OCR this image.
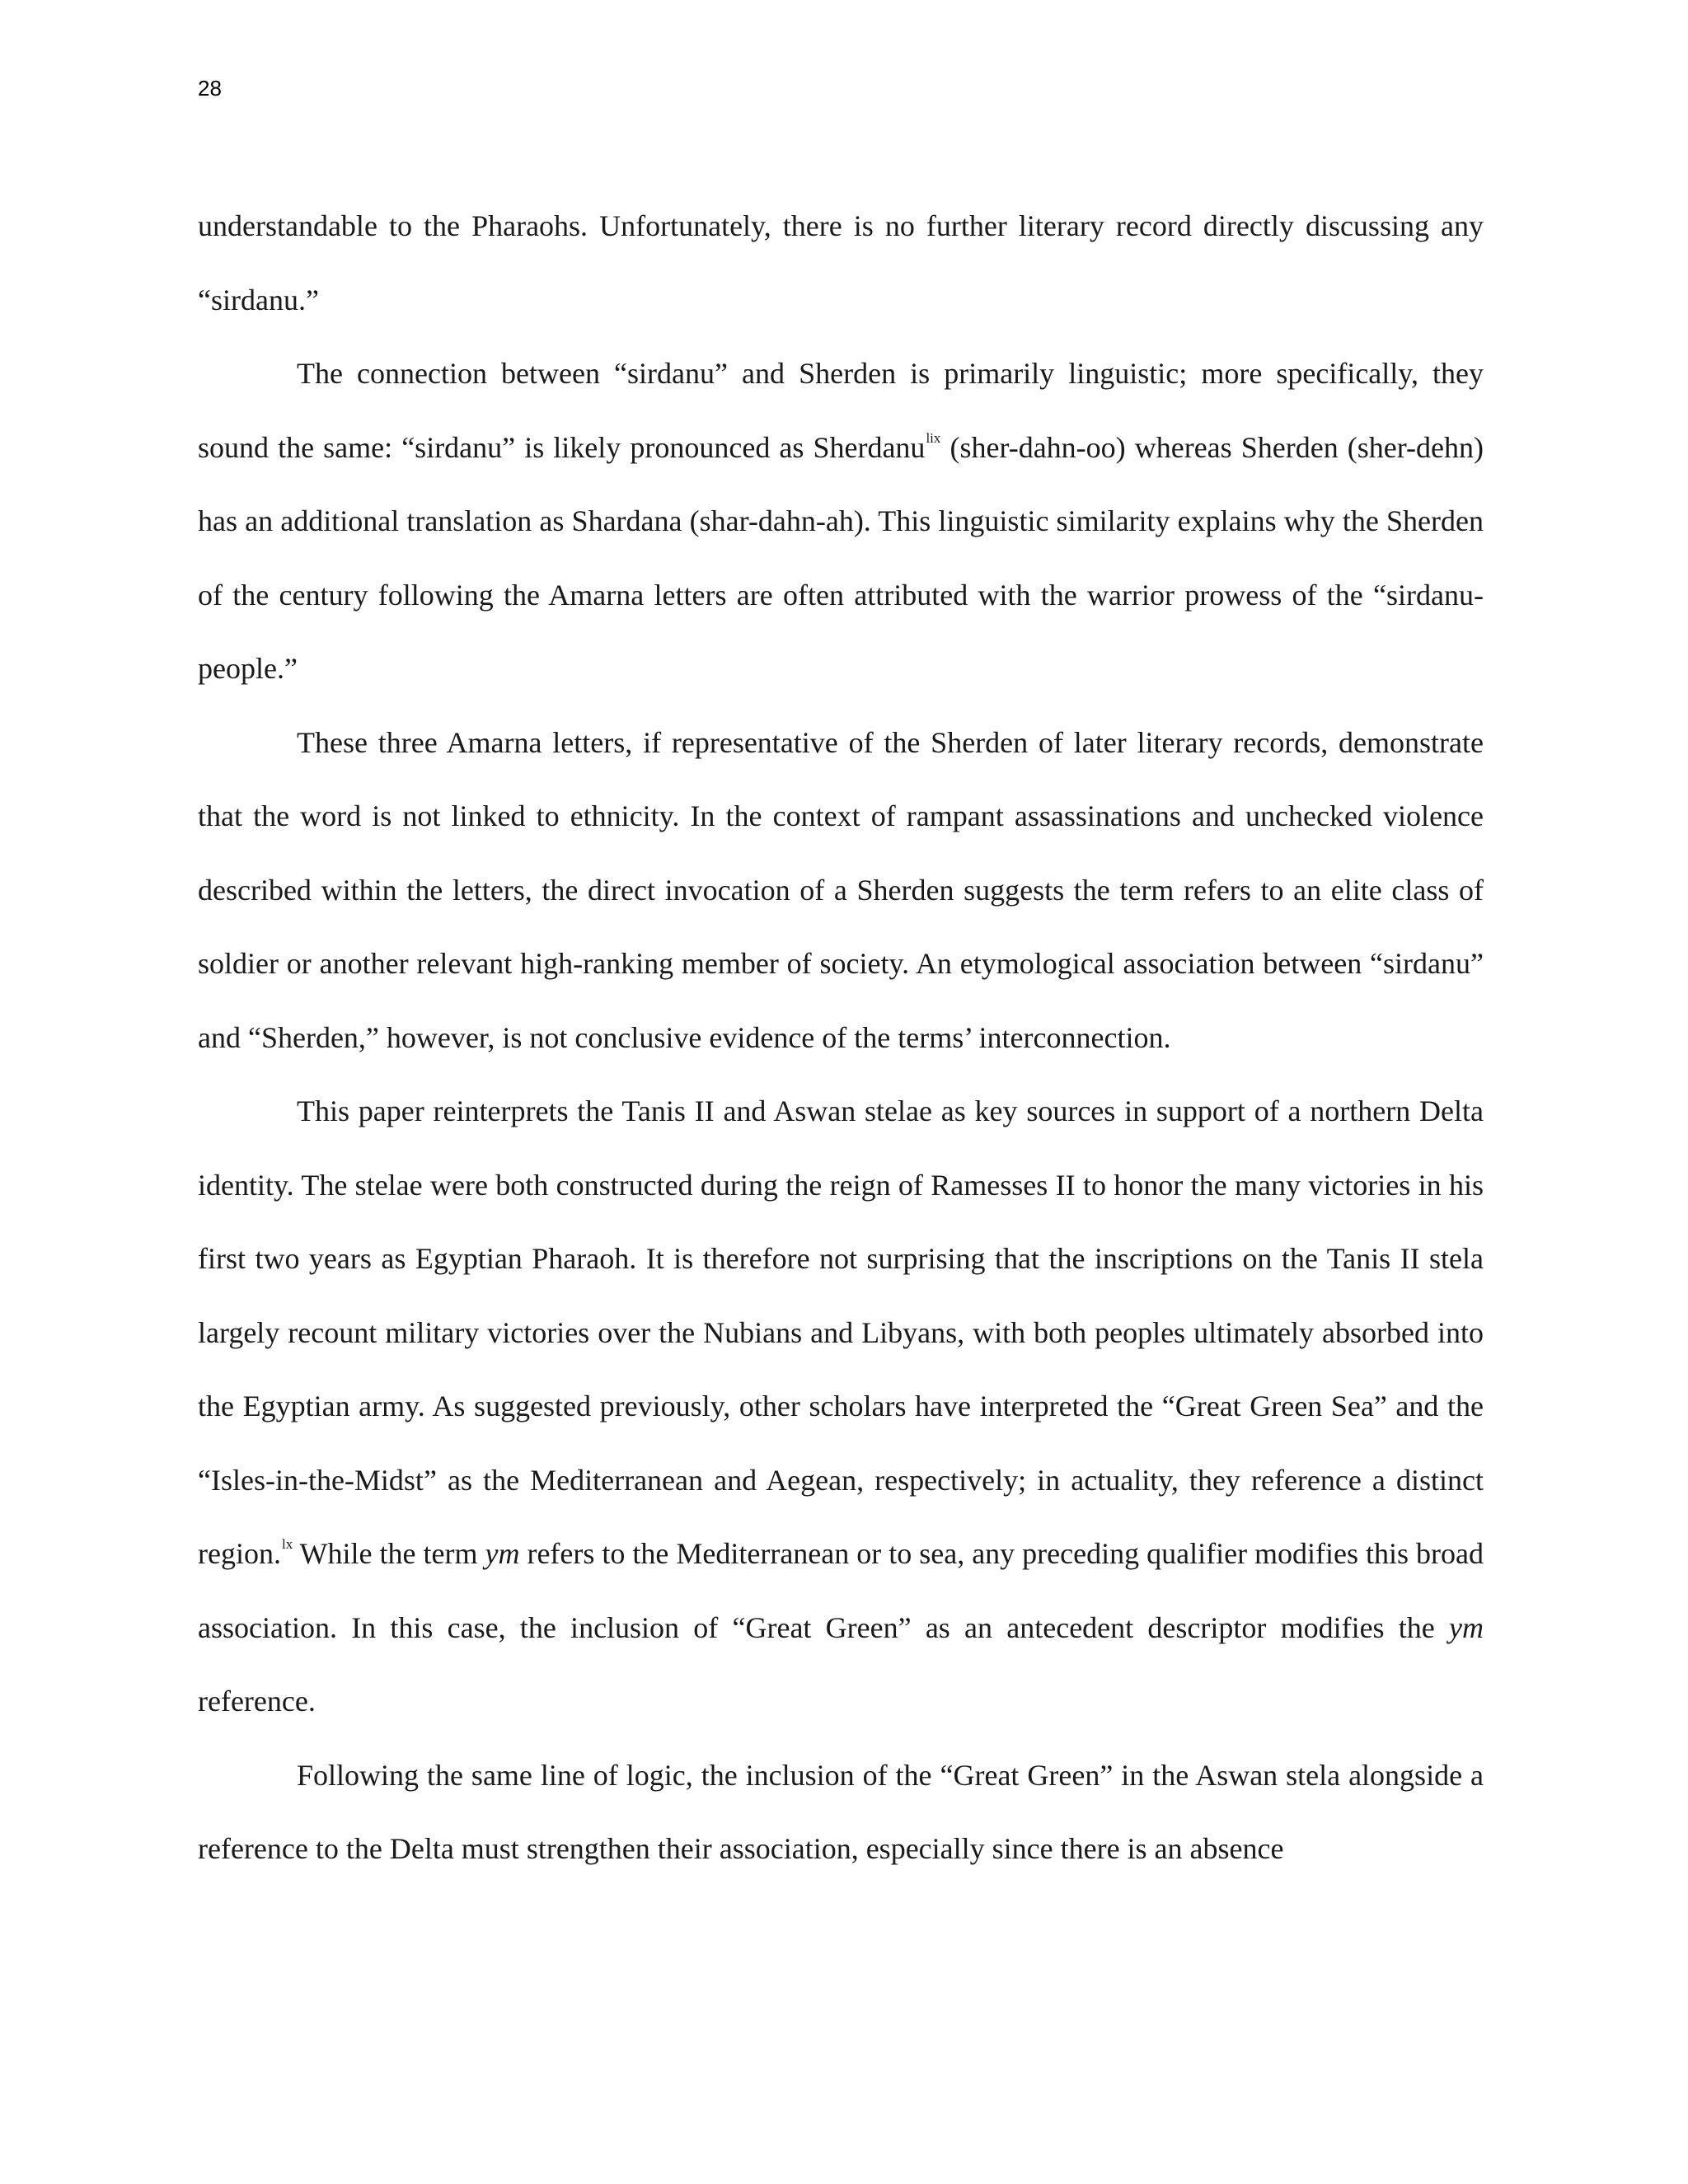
28

understandable to the Pharaohs. Unfortunately, there is no further literary record directly discussing any “sirdanu.”

The connection between “sirdanu” and Sherden is primarily linguistic; more specifically, they sound the same: “sirdanu” is likely pronounced as Sherdanu$^{lix}$ (sher-dahn-oo) whereas Sherden (sher-dehn) has an additional translation as Shardana (shar-dahn-ah). This linguistic similarity explains why the Sherden of the century following the Amarna letters are often attributed with the warrior prowess of the “sirdanu-people.”

These three Amarna letters, if representative of the Sherden of later literary records, demonstrate that the word is not linked to ethnicity. In the context of rampant assassinations and unchecked violence described within the letters, the direct invocation of a Sherden suggests the term refers to an elite class of soldier or another relevant high-ranking member of society. An etymological association between “sirdanu” and “Sherden,” however, is not conclusive evidence of the terms’ interconnection.

This paper reinterprets the Tanis II and Aswan stelae as key sources in support of a northern Delta identity. The stelae were both constructed during the reign of Ramesses II to honor the many victories in his first two years as Egyptian Pharaoh. It is therefore not surprising that the inscriptions on the Tanis II stela largely recount military victories over the Nubians and Libyans, with both peoples ultimately absorbed into the Egyptian army. As suggested previously, other scholars have interpreted the “Great Green Sea” and the “Isles-in-the-Midst” as the Mediterranean and Aegean, respectively; in actuality, they reference a distinct region.$^{lx}$ While the term ym refers to the Mediterranean or to sea, any preceding qualifier modifies this broad association. In this case, the inclusion of “Great Green” as an antecedent descriptor modifies the ym reference.

Following the same line of logic, the inclusion of the “Great Green” in the Aswan stela alongside a reference to the Delta must strengthen their association, especially since there is an absence
